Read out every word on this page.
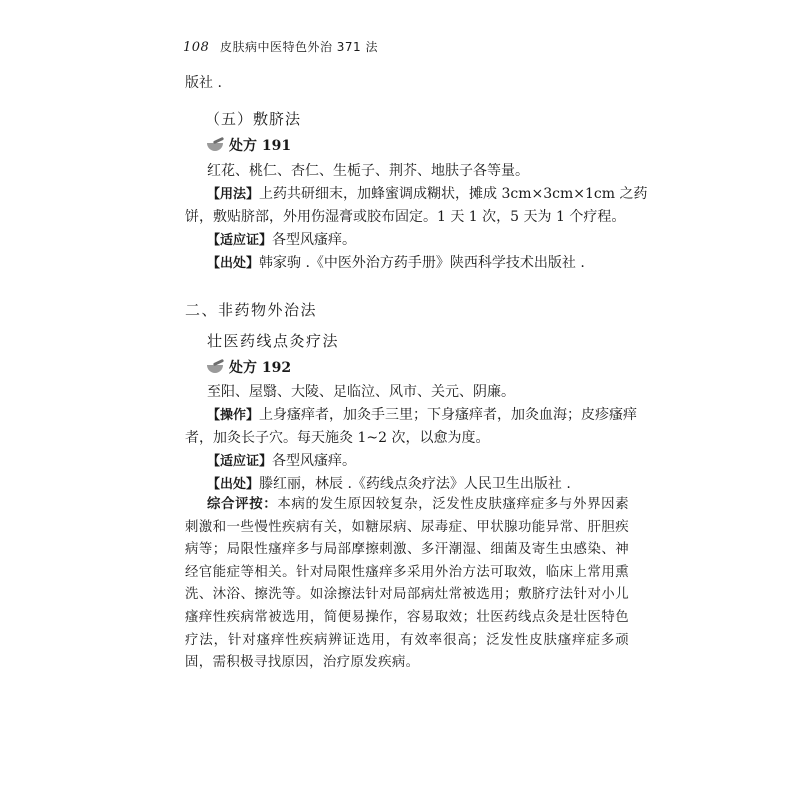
108 皮肤病中医特色外治 371 法
版社 .
（五）敷脐法
处方 191
红花、桃仁、杏仁、生栀子、荆芥、地肤子各等量。
【用法】上药共研细末，加蜂蜜调成糊状，摊成 3cm×3cm×1cm 之药
饼，敷贴脐部，外用伤湿膏或胶布固定。1 天 1 次，5 天为 1 个疗程。
【适应证】各型风瘙痒。
【出处】韩家驹 .《中医外治方药手册》陕西科学技术出版社 .
二、非药物外治法
壮医药线点灸疗法
处方 192
至阳、屋翳、大陵、足临泣、风市、关元、阴廉。
【操作】上身瘙痒者，加灸手三里；下身瘙痒者，加灸血海；皮疹瘙痒
者，加灸长子穴。每天施灸 1~2 次，以愈为度。
【适应证】各型风瘙痒。
【出处】滕红丽，林辰 .《药线点灸疗法》人民卫生出版社 .
综合评按：本病的发生原因较复杂，泛发性皮肤瘙痒症多与外界因素刺激和一些慢性疾病有关，如糖尿病、尿毒症、甲状腺功能异常、肝胆疾病等；局限性瘙痒多与局部摩擦刺激、多汗潮湿、细菌及寄生虫感染、神经官能症等相关。针对局限性瘙痒多采用外治方法可取效，临床上常用熏洗、沐浴、擦洗等。如涂擦法针对局部病灶常被选用；敷脐疗法针对小儿瘙痒性疾病常被选用，简便易操作，容易取效；壮医药线点灸是壮医特色疗法，针对瘙痒性疾病辨证选用，有效率很高；泛发性皮肤瘙痒症多顽固，需积极寻找原因，治疗原发疾病。
